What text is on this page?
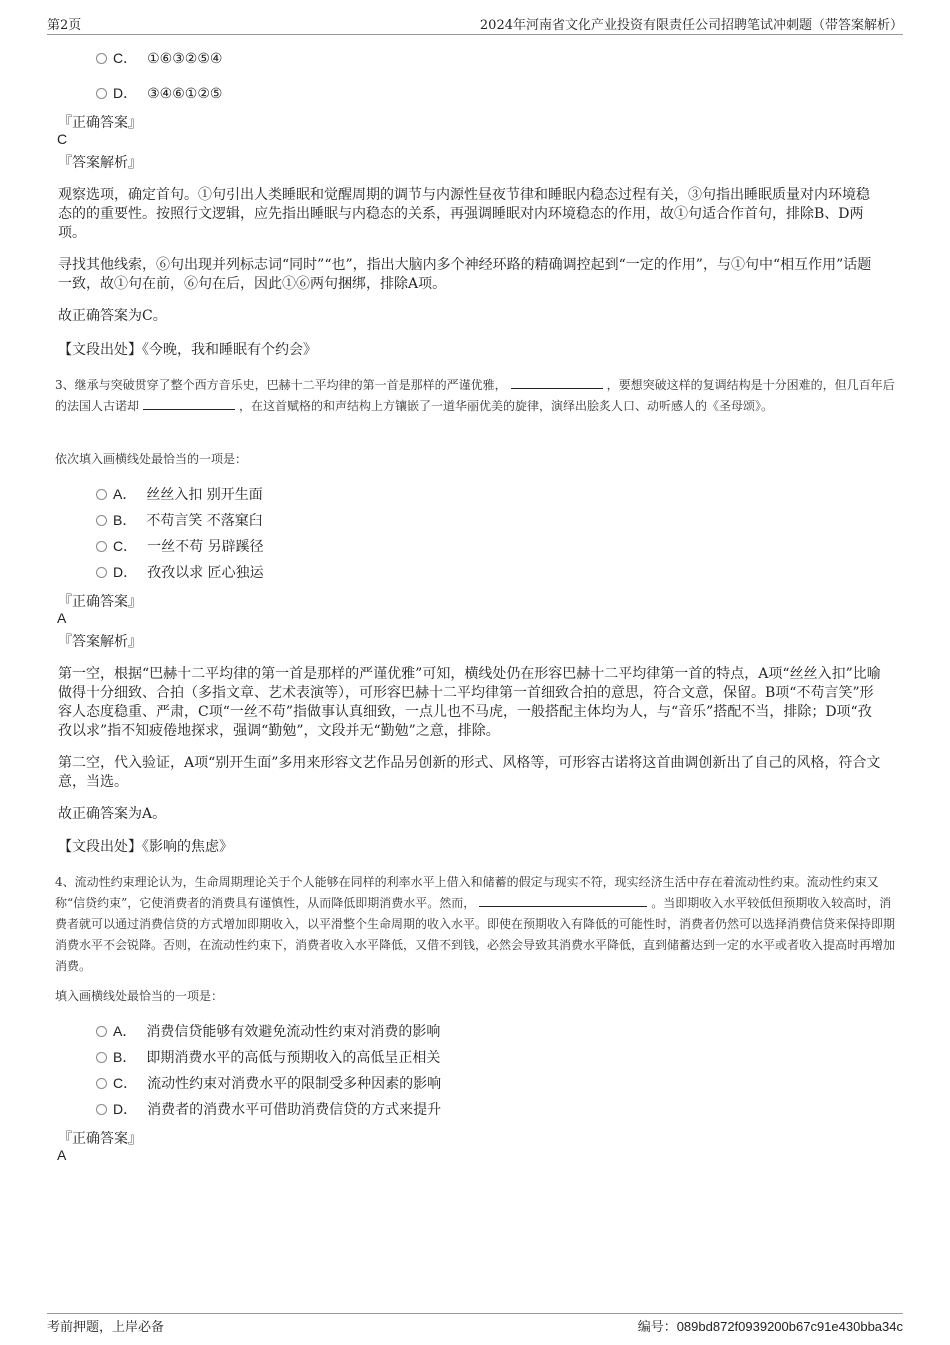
第2页	2024年河南省文化产业投资有限责任公司招聘笔试冲刺题（带答案解析）
C． ①⑥③②⑤④
D． ③④⑥①②⑤
『正确答案』
C
『答案解析』
观察选项，确定首句。①句引出人类睡眠和觉醒周期的调节与内源性昼夜节律和睡眠内稳态过程有关，③句指出睡眠质量对内环境稳态的的重要性。按照行文逻辑，应先指出睡眠与内稳态的关系，再强调睡眠对内环境稳态的作用，故①句适合作首句，排除B、D两项。
寻找其他线索，⑥句出现并列标志词“同时”“也”，指出大脑内多个神经环路的精确调控起到“一定的作用”，与①句中“相互作用”话题一致，故①句在前，⑥句在后，因此①⑥两句捆绑，排除A项。
故正确答案为C。
【文段出处】《今晚，我和睡眠有个约会》
3、继承与突破贯穿了整个西方音乐史，巴赫十二平均律的第一首是那样的严谨优雅，	，要想突破这样的复调结构是十分困难的，但几百年后的法国人古诺却	，在这首赋格的和声结构上方镶嵌了一道华丽优美的旋律，演绎出脍炙人口、动听感人的《圣母颂》。
依次填入画横线处最恰当的一项是：
A． 丝丝入扣 别开生面
B． 不苟言笑 不落窠臼
C． 一丝不苟 另辟蹊径
D． 孜孜以求 匠心独运
『正确答案』
A
『答案解析』
第一空，根据“巴赫十二平均律的第一首是那样的严谨优雅”可知，横线处仍在形容巴赫十二平均律第一首的特点，A项“丝丝入扣”比喻做得十分细致、合拍（多指文章、艺术表演等），可形容巴赫十二平均律第一首细致合拍的意思，符合文意，保留。B项“不苟言笑”形容人态度稳重、严肃，C项“一丝不苟”指做事认真细致，一点儿也不马虎，一般搭配主体均为人，与“音乐”搭配不当，排除；D项“孜孜以求”指不知疲倦地探求，强调“勤勉”，文段并无“勤勉”之意，排除。
第二空，代入验证，A项“别开生面”多用来形容文艺作品另创新的形式、风格等，可形容古诺将这首曲调创新出了自己的风格，符合文意，当选。
故正确答案为A。
【文段出处】《影响的焦虑》
4、流动性约束理论认为，生命周期理论关于个人能够在同样的利率水平上借入和储蓄的假定与现实不符，现实经济生活中存在着流动性约束。流动性约束又称“信贷约束”，它使消费者的消费具有谨慎性，从而降低即期消费水平。然而，	。当即期收入水平较低但预期收入较高时，消费者就可以通过消费信贷的方式增加即期收入，以平滑整个生命周期的收入水平。即使在预期收入有降低的可能性时，消费者仍然可以选择消费信贷来保持即期消费水平不会锐降。否则，在流动性约束下，消费者收入水平降低，又借不到钱，必然会导致其消费水平降低，直到储蓄达到一定的水平或者收入提高时再增加消费。
填入画横线处最恰当的一项是：
A． 消费信贷能够有效避免流动性约束对消费的影响
B． 即期消费水平的高低与预期收入的高低呈正相关
C． 流动性约束对消费水平的限制受多种因素的影响
D． 消费者的消费水平可借助消费信贷的方式来提升
『正确答案』
A
考前押题，上岸必备	编号：089bd872f0939200b67c91e430bba34c
